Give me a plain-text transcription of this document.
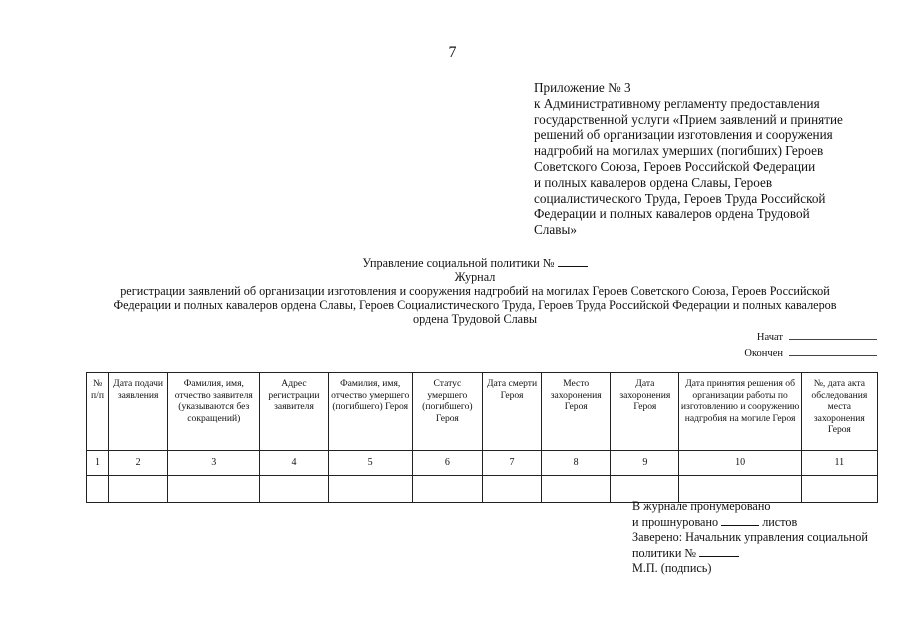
7
Приложение № 3
к Административному регламенту предоставления
государственной услуги «Прием заявлений и принятие
решений об организации изготовления и сооружения
надгробий на могилах умерших (погибших) Героев
Советского Союза, Героев Российской Федерации
и полных кавалеров ордена Славы, Героев
социалистического Труда, Героев Труда Российской
Федерации и полных кавалеров ордена Трудовой
Славы»
Управление социальной политики №
Журнал
регистрации заявлений об организации изготовления и сооружения надгробий на могилах Героев Советского Союза, Героев Российской
Федерации и полных кавалеров ордена Славы, Героев Социалистического Труда, Героев Труда Российской Федерации и полных кавалеров
ордена Трудовой Славы
Начат
Окончен
№ п/п	Дата подачи заявления	Фамилия, имя, отчество заявителя (указываются без сокращений)	Адрес регистрации заявителя	Фамилия, имя, отчество умершего (погибшего) Героя	Статус умершего (погибшего) Героя	Дата смерти Героя	Место захоронения Героя	Дата захоронения Героя	Дата принятия решения об организации работы по изготовлению и сооружению надгробия на могиле Героя	№, дата акта обследования места захоронения Героя
1	2	3	4	5	6	7	8	9	10	11

В журнале пронумеровано
и прошнуровано	листов
Заверено: Начальник управления социальной
политики №
М.П. (подпись)
